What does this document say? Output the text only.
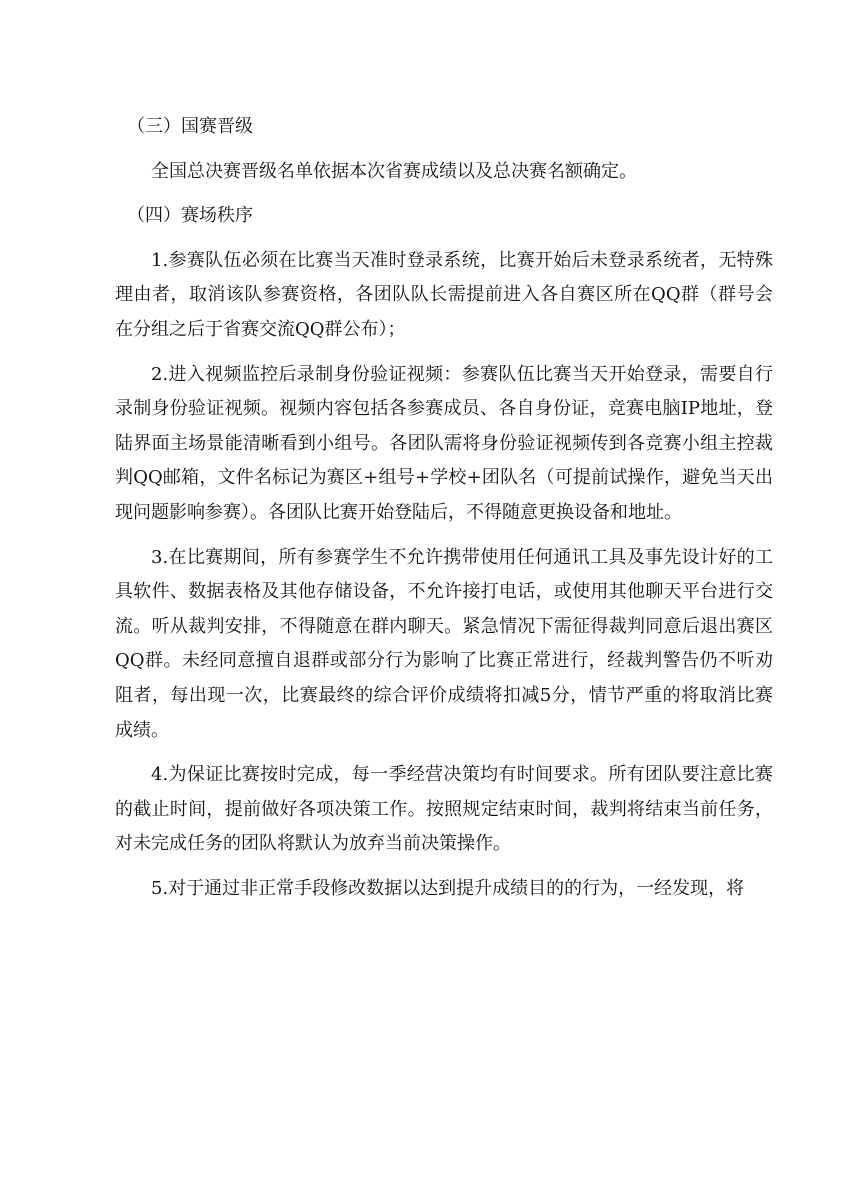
（三）国赛晋级

全国总决赛晋级名单依据本次省赛成绩以及总决赛名额确定。

（四）赛场秩序

1.参赛队伍必须在比赛当天准时登录系统，比赛开始后未登录系统者，无特殊理由者，取消该队参赛资格，各团队队长需提前进入各自赛区所在QQ群（群号会在分组之后于省赛交流QQ群公布）；

2.进入视频监控后录制身份验证视频：参赛队伍比赛当天开始登录，需要自行录制身份验证视频。视频内容包括各参赛成员、各自身份证，竞赛电脑IP地址，登陆界面主场景能清晰看到小组号。各团队需将身份验证视频传到各竞赛小组主控裁判QQ邮箱，文件名标记为赛区+组号+学校+团队名（可提前试操作，避免当天出现问题影响参赛）。各团队比赛开始登陆后，不得随意更换设备和地址。

3.在比赛期间，所有参赛学生不允许携带使用任何通讯工具及事先设计好的工具软件、数据表格及其他存储设备，不允许接打电话，或使用其他聊天平台进行交流。听从裁判安排，不得随意在群内聊天。紧急情况下需征得裁判同意后退出赛区QQ群。未经同意擅自退群或部分行为影响了比赛正常进行，经裁判警告仍不听劝阻者，每出现一次，比赛最终的综合评价成绩将扣减5分，情节严重的将取消比赛成绩。

4.为保证比赛按时完成，每一季经营决策均有时间要求。所有团队要注意比赛的截止时间，提前做好各项决策工作。按照规定结束时间，裁判将结束当前任务，对未完成任务的团队将默认为放弃当前决策操作。

5.对于通过非正常手段修改数据以达到提升成绩目的的行为，一经发现，将
